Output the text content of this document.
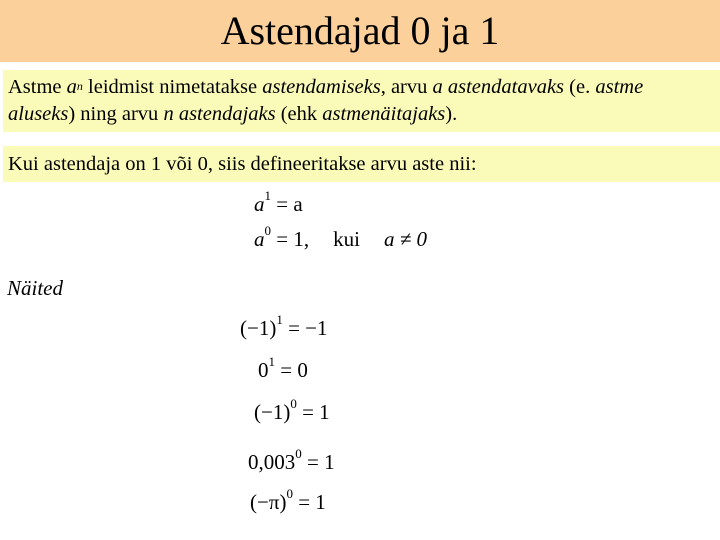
Astendajad 0 ja 1
Astme $a^n$ leidmist nimetatakse astendamiseks, arvu a astendatavaks (e. astme aluseks) ning arvu n astendajaks (ehk astmenäitajaks).
Kui astendaja on 1 või 0, siis defineeritakse arvu aste nii:
$a^1 = a$
$a^0 = 1$, kui a ≠ 0
Näited
$(-1)^1 = -1$
$0^1 = 0$
$(-1)^0 = 1$
$0,003^0 = 1$
$(-\pi)^0 = 1$
